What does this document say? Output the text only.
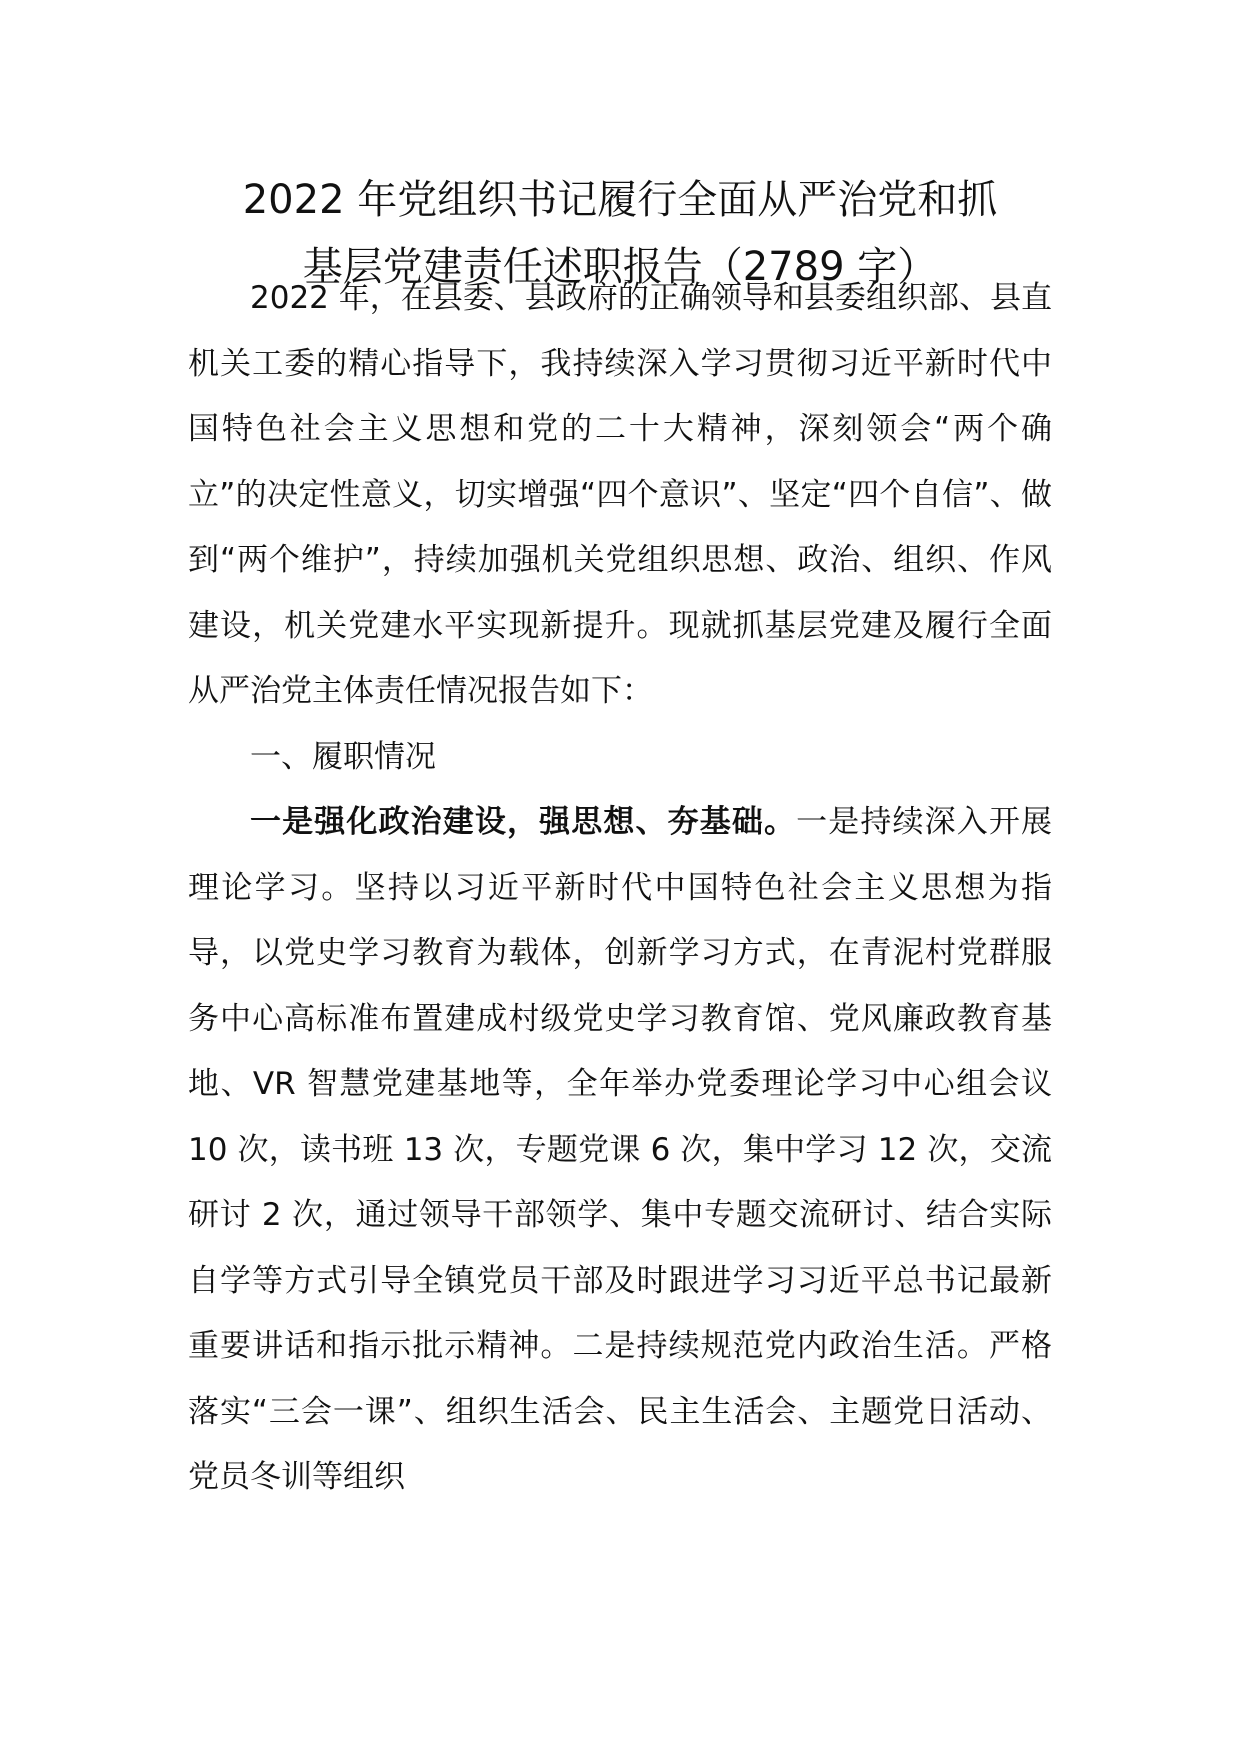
2022 年党组织书记履行全面从严治党和抓
基层党建责任述职报告（2789 字）

2022 年，在县委、县政府的正确领导和县委组织部、县直机关工委的精心指导下，我持续深入学习贯彻习近平新时代中国特色社会主义思想和党的二十大精神，深刻领会“两个确立”的决定性意义，切实增强“四个意识”、坚定“四个自信”、做到“两个维护”，持续加强机关党组织思想、政治、组织、作风建设，机关党建水平实现新提升。现就抓基层党建及履行全面从严治党主体责任情况报告如下：

一、履职情况

一是强化政治建设，强思想、夯基础。一是持续深入开展理论学习。坚持以习近平新时代中国特色社会主义思想为指导，以党史学习教育为载体，创新学习方式，在青泥村党群服务中心高标准布置建成村级党史学习教育馆、党风廉政教育基地、VR 智慧党建基地等，全年举办党委理论学习中心组会议 10 次，读书班 13 次，专题党课 6 次，集中学习 12 次，交流研讨 2 次，通过领导干部领学、集中专题交流研讨、结合实际自学等方式引导全镇党员干部及时跟进学习习近平总书记最新重要讲话和指示批示精神。二是持续规范党内政治生活。严格落实“三会一课”、组织生活会、民主生活会、主题党日活动、党员冬训等组织
